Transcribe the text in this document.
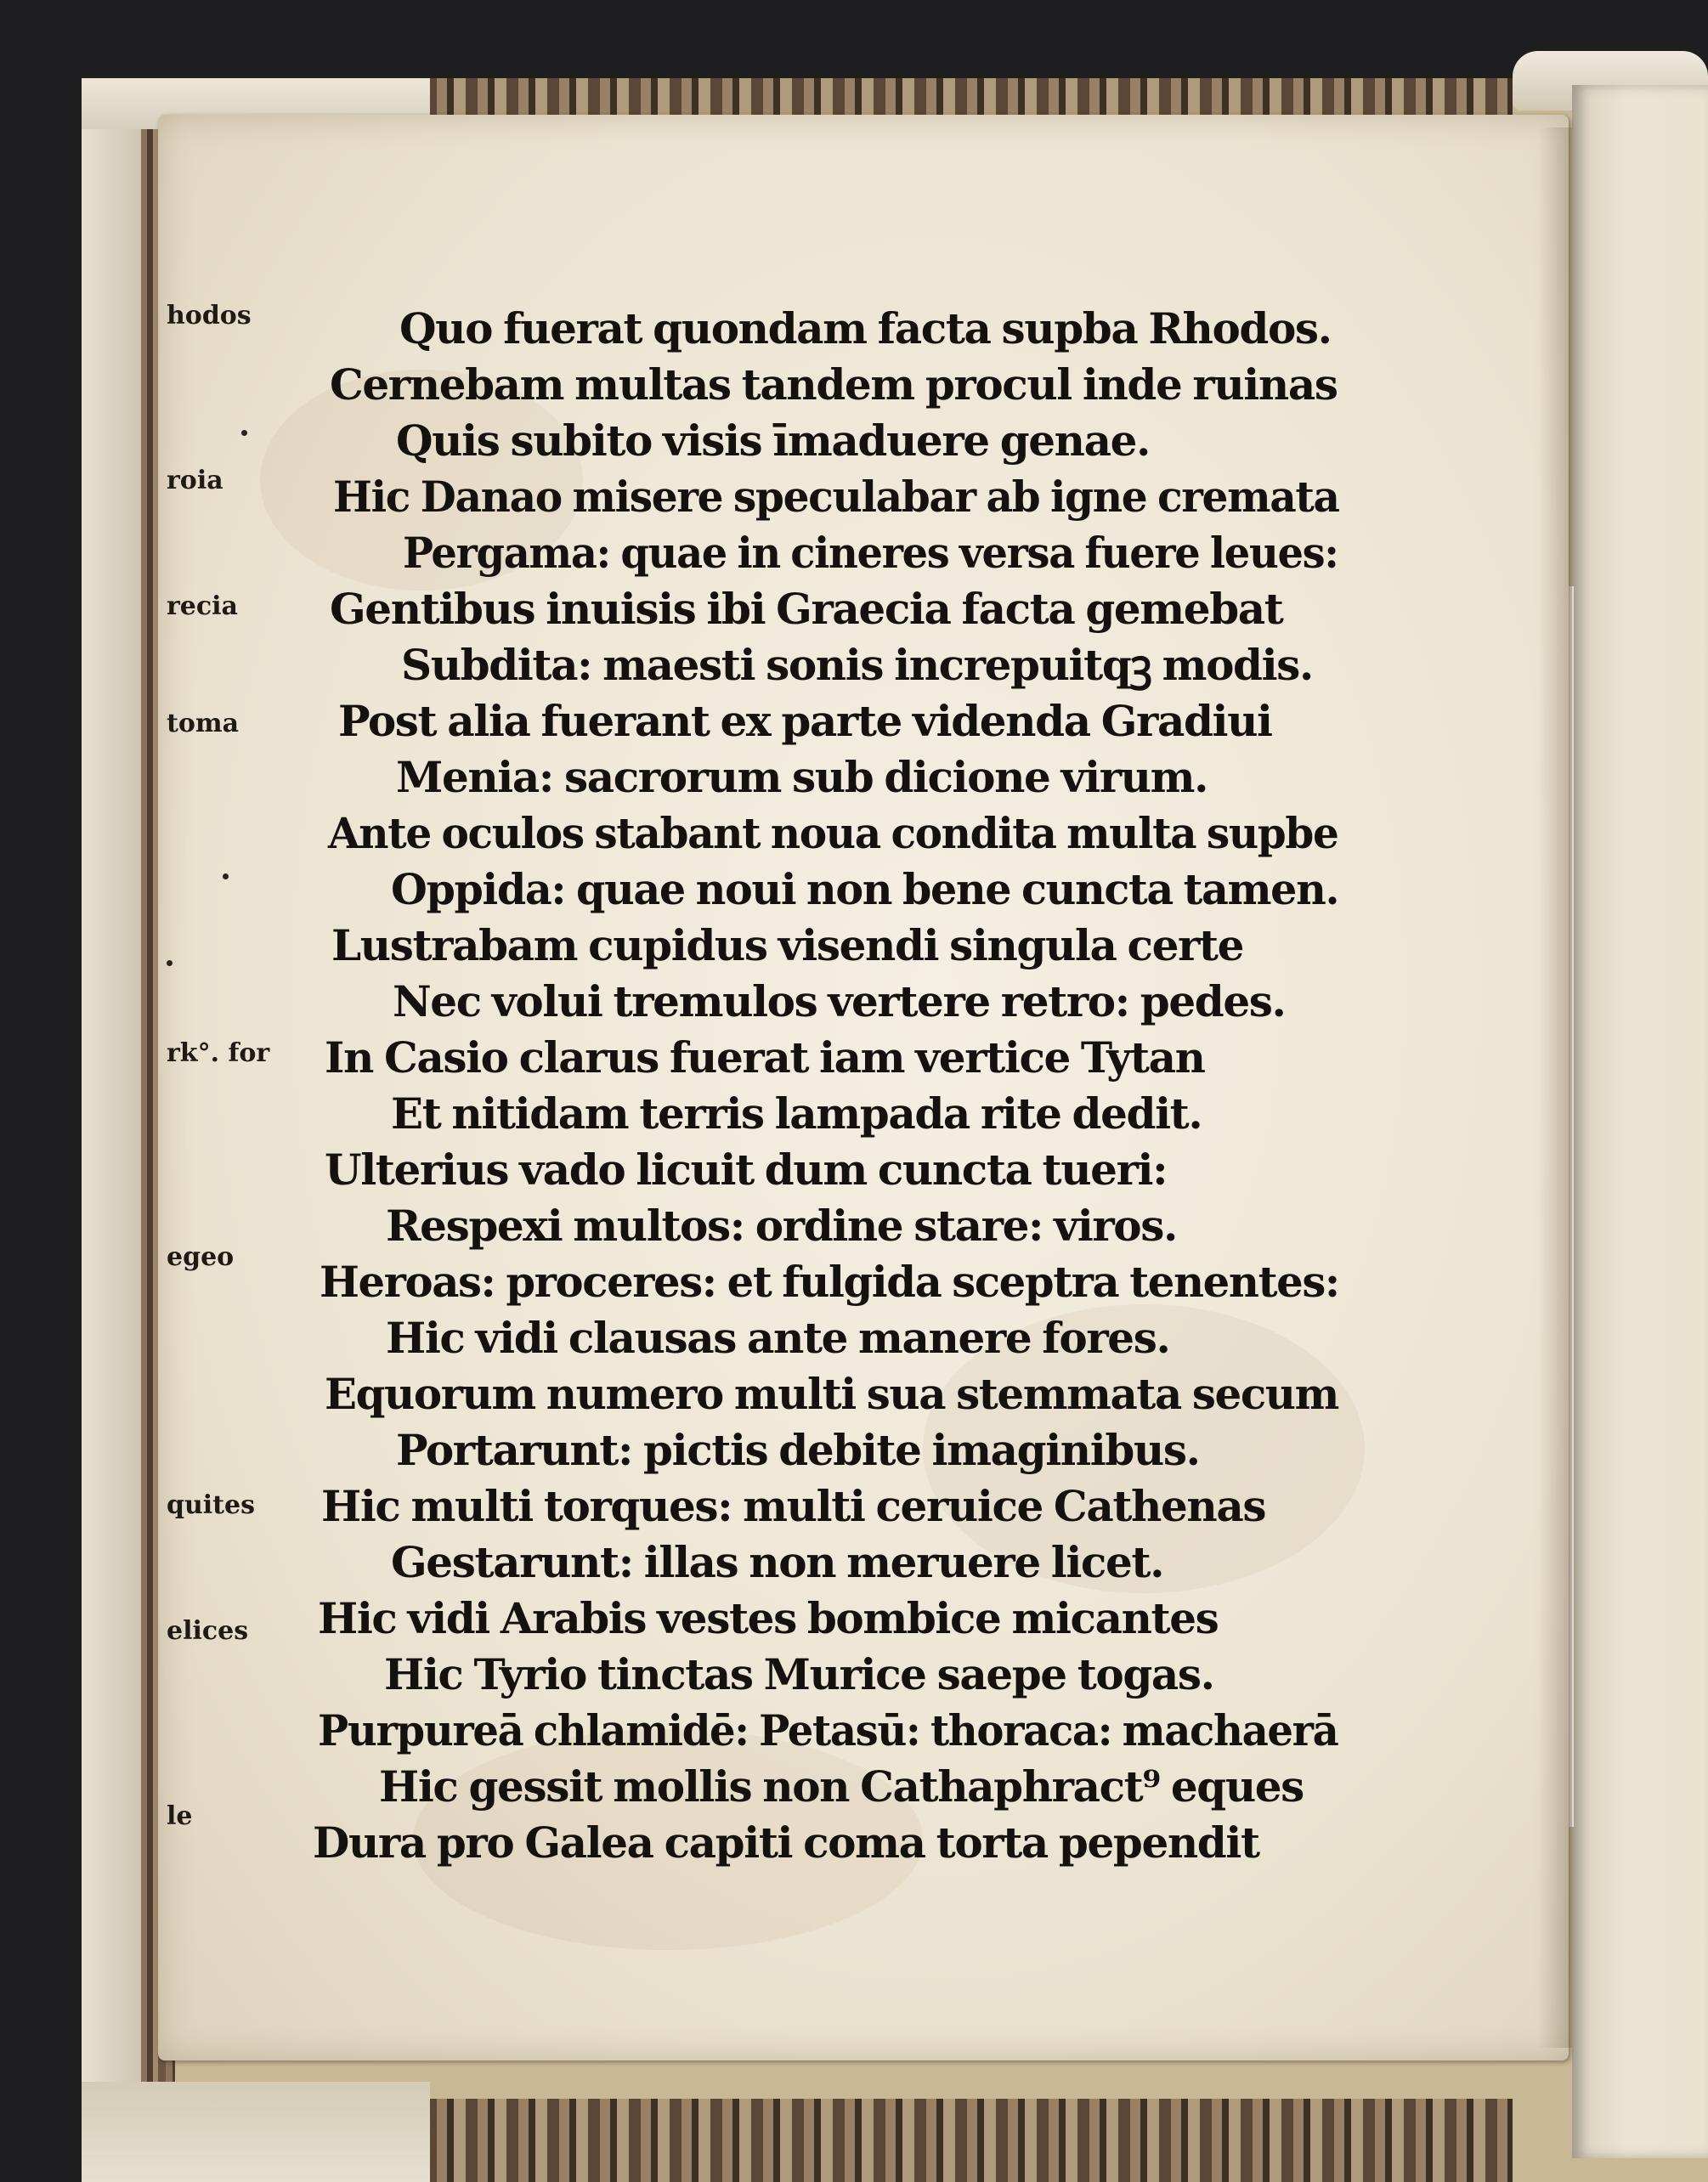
hodos
roia
recia
toma
rk°. for
egeo
quites
elices
le
Quo fuerat quondam facta supba Rhodos.
Cernebam multas tandem procul inde ruinas
Quis subito visis īmaduere genae.
Hic Danao misere speculabar ab igne cremata
Pergama: quae in cineres versa fuere leues:
Gentibus inuisis ibi Graecia facta gemebat
Subdita: maesti sonis increpuitqꝫ modis.
Post alia fuerant ex parte videnda Gradiui
Menia: sacrorum sub dicione virum.
Ante oculos stabant noua condita multa supbe
Oppida: quae noui non bene cuncta tamen.
Lustrabam cupidus visendi singula certe
Nec volui tremulos vertere retro: pedes.
In Casio clarus fuerat iam vertice Tytan
Et nitidam terris lampada rite dedit.
Ulterius vado licuit dum cuncta tueri:
Respexi multos: ordine stare: viros.
Heroas: proceres: et fulgida sceptra tenentes:
Hic vidi clausas ante manere fores.
Equorum numero multi sua stemmata secum
Portarunt: pictis debite imaginibus.
Hic multi torques: multi ceruice Cathenas
Gestarunt: illas non meruere licet.
Hic vidi Arabis vestes bombice micantes
Hic Tyrio tinctas Murice saepe togas.
Purpureā chlamidē: Petasū: thoraca: machaerā
Hic gessit mollis non Cathaphract⁹ eques
Dura pro Galea capiti coma torta pependit
